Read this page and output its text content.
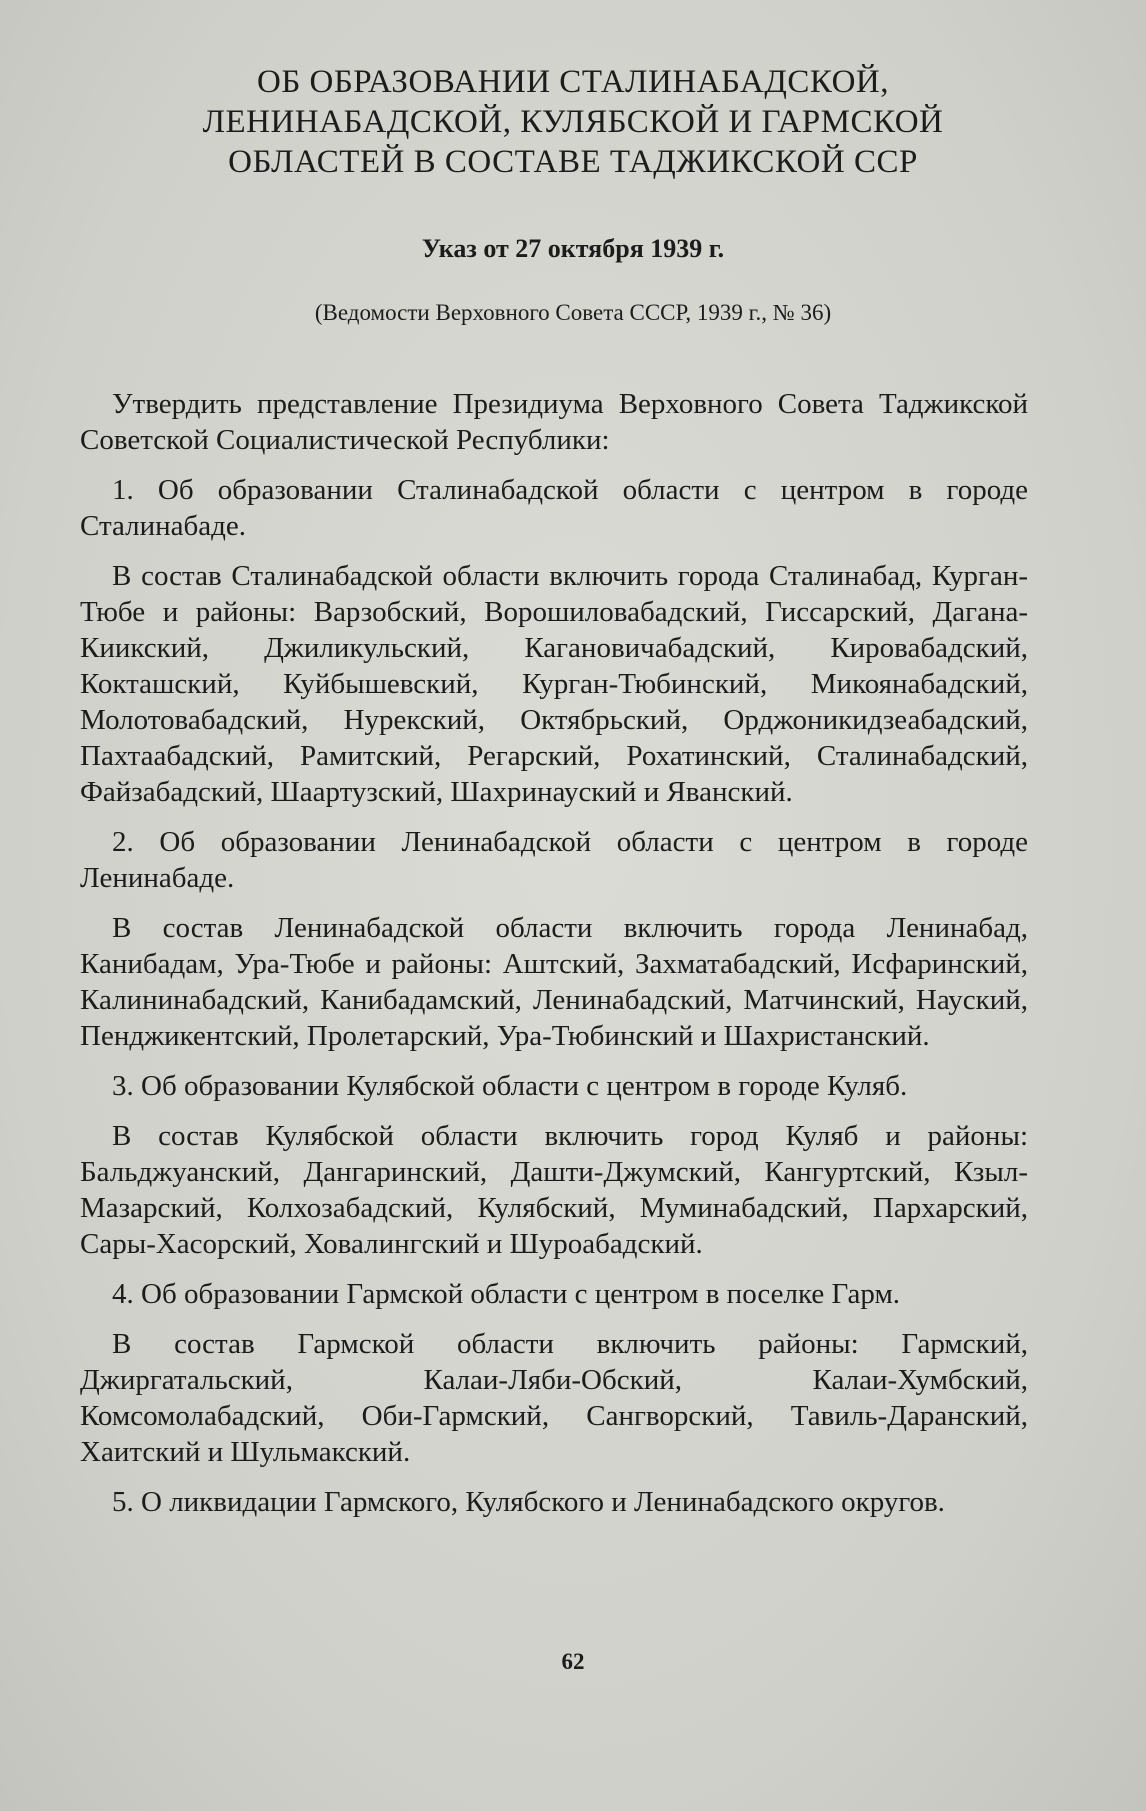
ОБ ОБРАЗОВАНИИ СТАЛИНАБАДСКОЙ,
ЛЕНИНАБАДСКОЙ, КУЛЯБСКОЙ И ГАРМСКОЙ
ОБЛАСТЕЙ В СОСТАВЕ ТАДЖИКСКОЙ ССР
Указ от 27 октября 1939 г.
(Ведомости Верховного Совета СССР, 1939 г., № 36)

Утвердить представление Президиума Верховного Совета Таджикской Советской Социалистической Республики:

1. Об образовании Сталинабадской области с центром в городе Сталинабаде.

В состав Сталинабадской области включить города Сталинабад, Курган-Тюбе и районы: Варзобский, Ворошиловабадский, Гиссарский, Дагана-Киикский, Джиликульский, Кагановичабадский, Кировабадский, Кокташский, Куйбышевский, Курган-Тюбинский, Микоянабадский, Молотовабадский, Нурекский, Октябрьский, Орджоникидзеабадский, Пахтаабадский, Рамитский, Регарский, Рохатинский, Сталинабадский, Файзабадский, Шаартузский, Шахринауский и Яванский.

2. Об образовании Ленинабадской области с центром в городе Ленинабаде.

В состав Ленинабадской области включить города Ленинабад, Канибадам, Ура-Тюбе и районы: Аштский, Захматабадский, Исфаринский, Калининабадский, Канибадамский, Ленинабадский, Матчинский, Науский, Пенджикентский, Пролетарский, Ура-Тюбинский и Шахристанский.

3. Об образовании Кулябской области с центром в городе Куляб.

В состав Кулябской области включить город Куляб и районы: Бальджуанский, Дангаринский, Дашти-Джумский, Кангуртский, Кзыл-Мазарский, Колхозабадский, Кулябский, Муминабадский, Пархарский, Сары-Хасорский, Ховалингский и Шуроабадский.

4. Об образовании Гармской области с центром в поселке Гарм.

В состав Гармской области включить районы: Гармский, Джиргатальский, Калаи-Ляби-Обский, Калаи-Хумбский, Комсомолабадский, Оби-Гармский, Сангворский, Тавиль-Даранский, Хаитский и Шульмакский.

5. О ликвидации Гармского, Кулябского и Ленинабадского округов.

62
